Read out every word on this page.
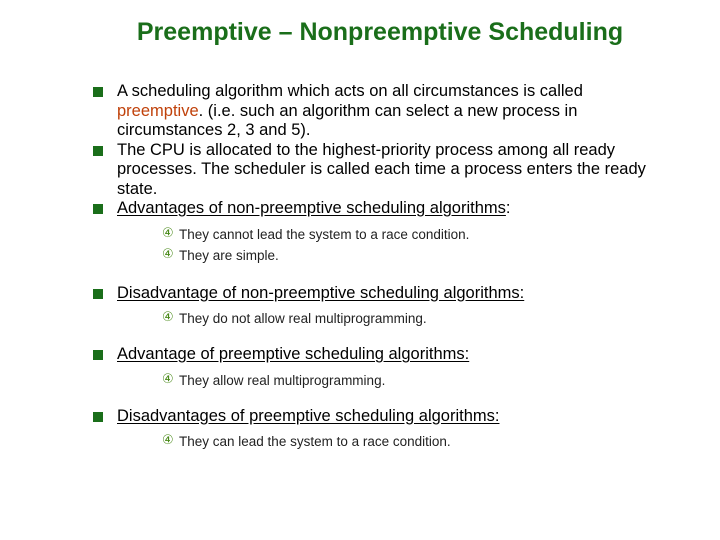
Preemptive – Nonpreemptive Scheduling
A scheduling algorithm which acts on all circumstances is called preemptive. (i.e. such an algorithm can select a new process in circumstances 2, 3 and 5).
The CPU is allocated to the highest-priority process among all ready processes. The scheduler is called each time a process enters the ready state.
Advantages of non-preemptive scheduling algorithms:
④ They cannot lead the system to a race condition.
④ They are simple.
Disadvantage of non-preemptive scheduling algorithms:
④ They do not allow real multiprogramming.
Advantage of preemptive scheduling algorithms:
④ They allow real multiprogramming.
Disadvantages of preemptive scheduling algorithms:
④ They can lead the system to a race condition.
